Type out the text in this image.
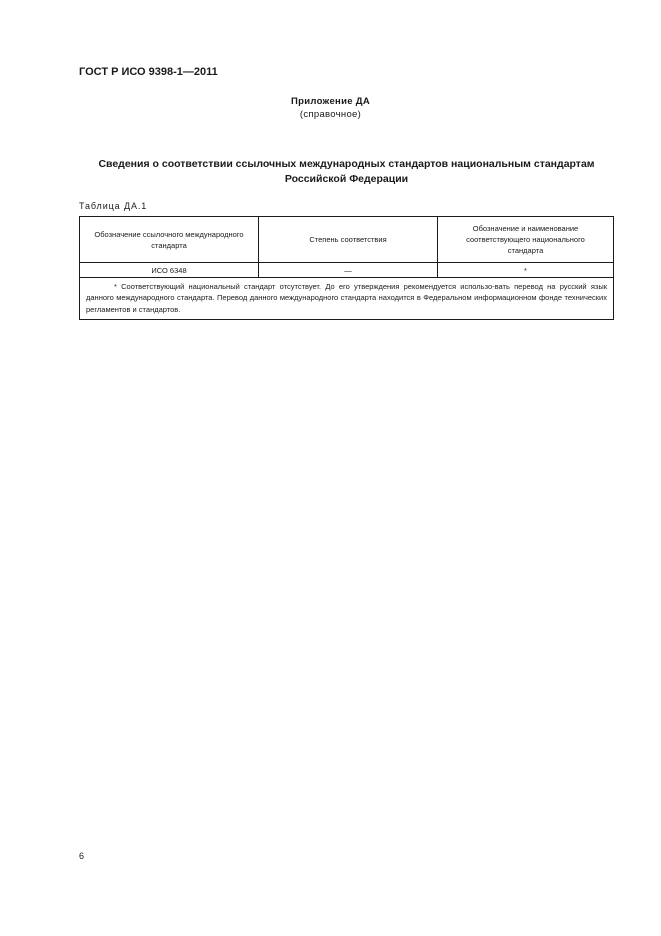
ГОСТ Р ИСО 9398-1—2011
Приложение ДА
(справочное)
Сведения о соответствии ссылочных международных стандартов национальным стандартам
Российской Федерации
Таблица ДА.1
Обозначение ссылочного международного стандарта	Степень соответствия	Обозначение и наименование соответствующего национального стандарта
ИСО 6348	—	*

* Соответствующий национальный стандарт отсутствует. До его утверждения рекомендуется использо-вать перевод на русский язык данного международного стандарта. Перевод данного международного стандарта находится в Федеральном информационном фонде технических регламентов и стандартов.		
6
